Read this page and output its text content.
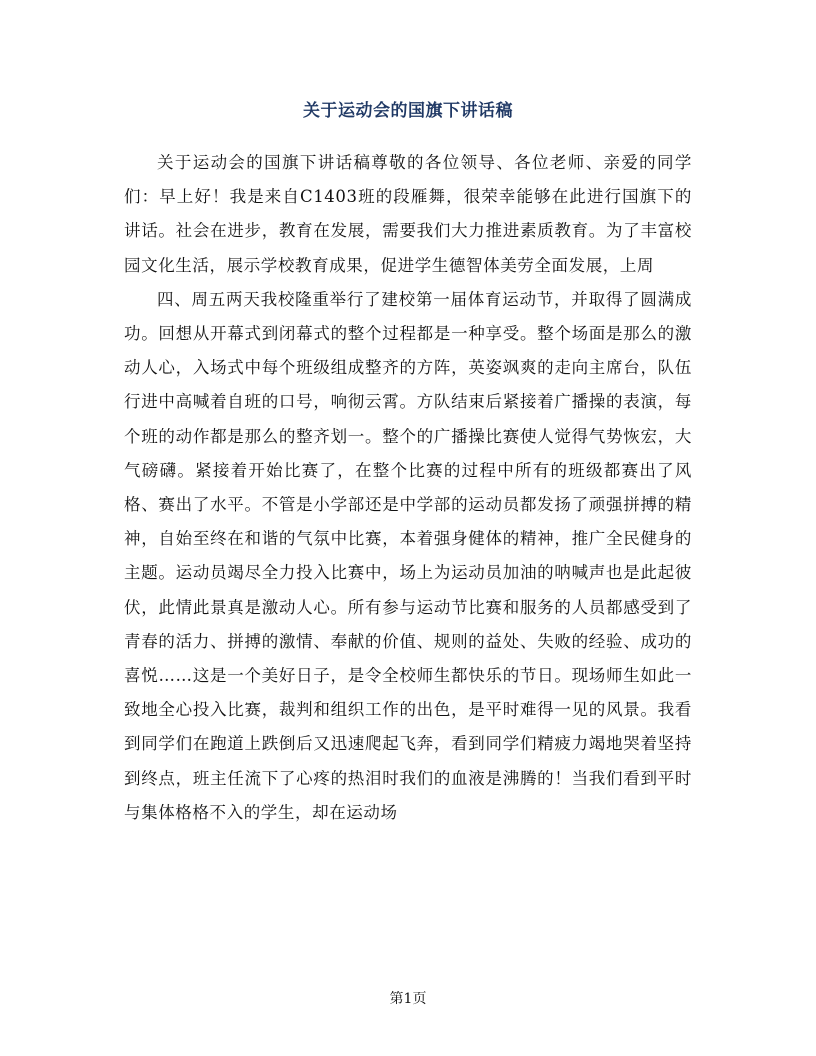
关于运动会的国旗下讲话稿

关于运动会的国旗下讲话稿尊敬的各位领导、各位老师、亲爱的同学们：早上好！我是来自C1403班的段雁舞，很荣幸能够在此进行国旗下的讲话。社会在进步，教育在发展，需要我们大力推进素质教育。为了丰富校园文化生活，展示学校教育成果，促进学生德智体美劳全面发展，上周

四、周五两天我校隆重举行了建校第一届体育运动节，并取得了圆满成功。回想从开幕式到闭幕式的整个过程都是一种享受。整个场面是那么的激动人心，入场式中每个班级组成整齐的方阵，英姿飒爽的走向主席台，队伍行进中高喊着自班的口号，响彻云霄。方队结束后紧接着广播操的表演，每个班的动作都是那么的整齐划一。整个的广播操比赛使人觉得气势恢宏，大气磅礴。紧接着开始比赛了，在整个比赛的过程中所有的班级都赛出了风格、赛出了水平。不管是小学部还是中学部的运动员都发扬了顽强拼搏的精神，自始至终在和谐的气氛中比赛，本着强身健体的精神，推广全民健身的主题。运动员竭尽全力投入比赛中，场上为运动员加油的呐喊声也是此起彼伏，此情此景真是激动人心。所有参与运动节比赛和服务的人员都感受到了青春的活力、拼搏的激情、奉献的价值、规则的益处、失败的经验、成功的喜悦……这是一个美好日子，是令全校师生都快乐的节日。现场师生如此一致地全心投入比赛，裁判和组织工作的出色，是平时难得一见的风景。我看到同学们在跑道上跌倒后又迅速爬起飞奔，看到同学们精疲力竭地哭着坚持到终点，班主任流下了心疼的热泪时我们的血液是沸腾的！当我们看到平时与集体格格不入的学生，却在运动场

第1页
